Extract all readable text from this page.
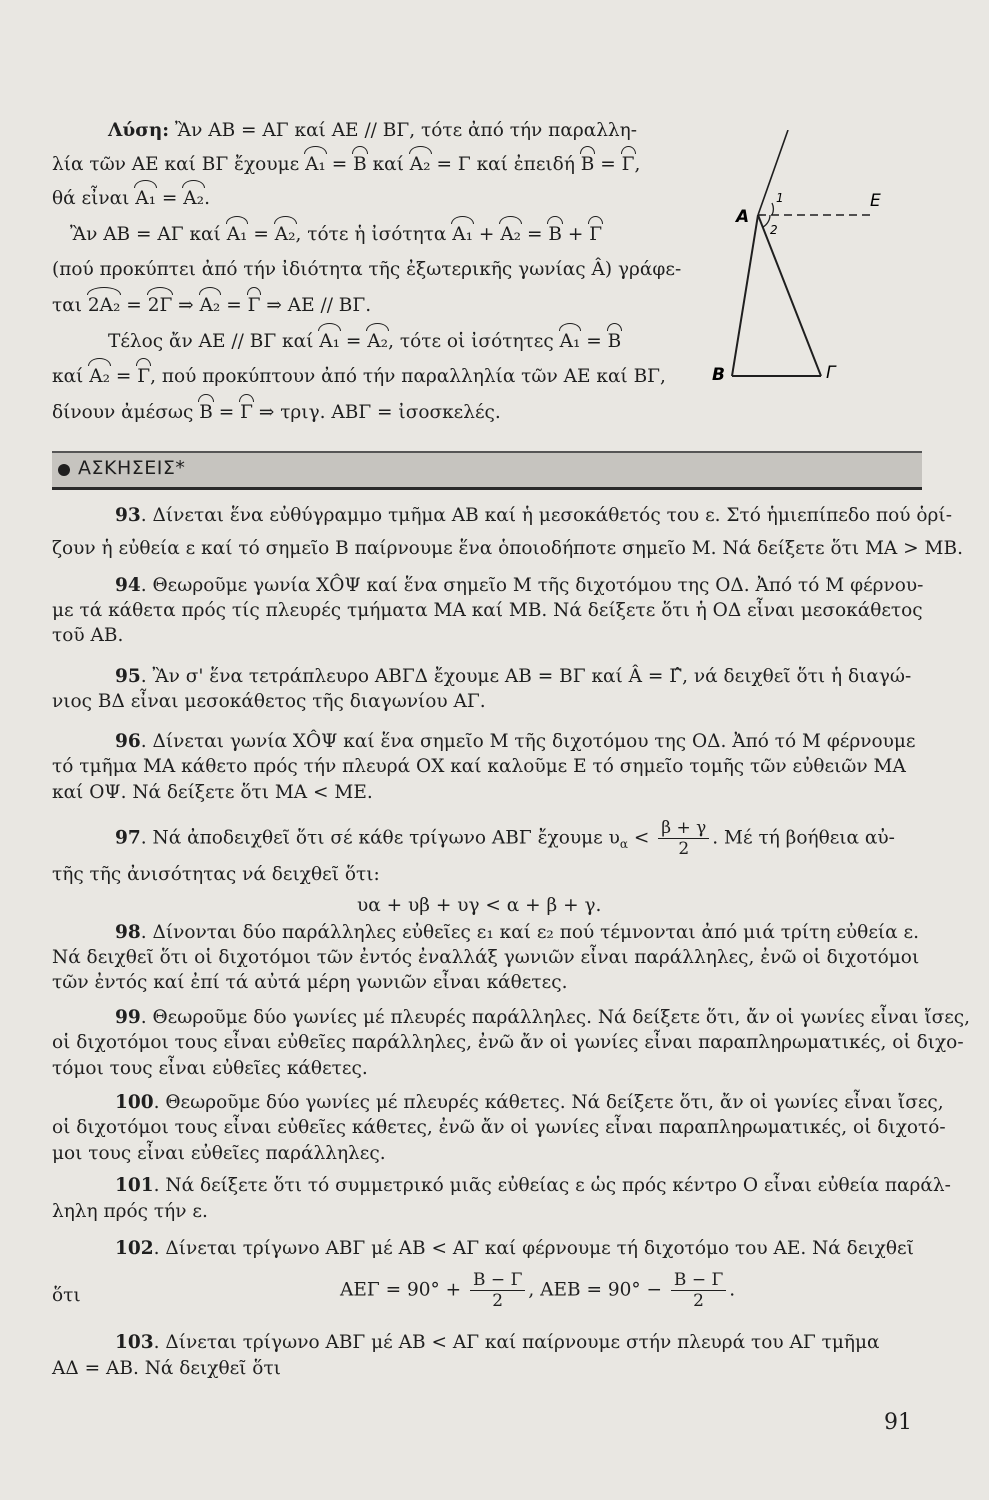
Λύση: Ἂν ΑΒ = ΑΓ καί ΑΕ // ΒΓ, τότε ἀπό τήν παραλλη-
λία τῶν ΑΕ καί ΒΓ ἔχουμε Α₁ = Β καί Α₂ = Γ καί ἐπειδή Β = Γ,
θά εἶναι Α₁ = Α₂.
Ἂν ΑΒ = ΑΓ καί Α₁ = Α₂, τότε ἡ ἰσότητα Α₁ + Α₂ = Β + Γ
(πού προκύπτει ἀπό τήν ἰδιότητα τῆς ἐξωτερικῆς γωνίας Â) γράφε-
ται 2Α₂ = 2Γ ⇒ Α₂ = Γ ⇒ ΑΕ // ΒΓ.
Τέλος ἄν ΑΕ // ΒΓ καί Α₁ = Α₂, τότε οἱ ἰσότητες Α₁ = Β
καί Α₂ = Γ, πού προκύπτουν ἀπό τήν παραλληλία τῶν ΑΕ καί ΒΓ,
δίνουν ἀμέσως Β = Γ ⇒ τριγ. ΑΒΓ = ἰσοσκελές.
A
E
1
2
B	Γ
ΑΣΚΗΣΕΙΣ*
93. Δίνεται ἕνα εὐθύγραμμο τμῆμα ΑΒ καί ἡ μεσοκάθετός του ε. Στό ἡμιεπίπεδο πού ὁρί-
ζουν ἡ εὐθεία ε καί τό σημεῖο Β παίρνουμε ἕνα ὁποιοδήποτε σημεῖο Μ. Νά δείξετε ὅτι ΜΑ > ΜΒ.
94. Θεωροῦμε γωνία ΧÔΨ καί ἕνα σημεῖο Μ τῆς διχοτόμου της ΟΔ. Ἀπό τό Μ φέρνου-
με τά κάθετα πρός τίς πλευρές τμήματα ΜΑ καί ΜΒ. Νά δείξετε ὅτι ἡ ΟΔ εἶναι μεσοκάθετος
τοῦ ΑΒ.
95. Ἂν σ' ἕνα τετράπλευρο ΑΒΓΔ ἔχουμε ΑΒ = ΒΓ καί Â = Γ̂, νά δειχθεῖ ὅτι ἡ διαγώ-
νιος ΒΔ εἶναι μεσοκάθετος τῆς διαγωνίου ΑΓ.
96. Δίνεται γωνία ΧÔΨ καί ἕνα σημεῖο Μ τῆς διχοτόμου της ΟΔ. Ἀπό τό Μ φέρνουμε
τό τμῆμα ΜΑ κάθετο πρός τήν πλευρά ΟΧ καί καλοῦμε Ε τό σημεῖο τομῆς τῶν εὐθειῶν ΜΑ
καί ΟΨ. Νά δείξετε ὅτι ΜΑ < ΜΕ.
97. Νά ἀποδειχθεῖ ὅτι σέ κάθε τρίγωνο ΑΒΓ ἔχουμε $\upsilon_\alpha < \frac{\beta + \gamma}{2}$ . Μέ τή βοήθεια αὐ-
τῆς τῆς ἀνισότητας νά δειχθεῖ ὅτι:
υα + υβ + υγ < α + β + γ.
98. Δίνονται δύο παράλληλες εὐθεῖες ε₁ καί ε₂ πού τέμνονται ἀπό μιά τρίτη εὐθεία ε.
Νά δειχθεῖ ὅτι οἱ διχοτόμοι τῶν ἐντός ἐναλλάξ γωνιῶν εἶναι παράλληλες, ἐνῶ οἱ διχοτόμοι
τῶν ἐντός καί ἐπί τά αὐτά μέρη γωνιῶν εἶναι κάθετες.
99. Θεωροῦμε δύο γωνίες μέ πλευρές παράλληλες. Νά δείξετε ὅτι, ἄν οἱ γωνίες εἶναι ἴσες,
οἱ διχοτόμοι τους εἶναι εὐθεῖες παράλληλες, ἐνῶ ἄν οἱ γωνίες εἶναι παραπληρωματικές, οἱ διχο-
τόμοι τους εἶναι εὐθεῖες κάθετες.
100. Θεωροῦμε δύο γωνίες μέ πλευρές κάθετες. Νά δείξετε ὅτι, ἄν οἱ γωνίες εἶναι ἴσες,
οἱ διχοτόμοι τους εἶναι εὐθεῖες κάθετες, ἐνῶ ἄν οἱ γωνίες εἶναι παραπληρωματικές, οἱ διχοτό-
μοι τους εἶναι εὐθεῖες παράλληλες.
101. Νά δείξετε ὅτι τό συμμετρικό μιᾶς εὐθείας ε ὡς πρός κέντρο Ο εἶναι εὐθεία παράλ-
ληλη πρός τήν ε.
102. Δίνεται τρίγωνο ΑΒΓ μέ ΑΒ < ΑΓ καί φέρνουμε τή διχοτόμο του ΑΕ. Νά δειχθεῖ
ὅτι	$AE\Gamma = 90^\circ + \frac{B - \Gamma}{2}$ , $AEB = 90^\circ - \frac{B - \Gamma}{2}$ .
103. Δίνεται τρίγωνο ΑΒΓ μέ ΑΒ < ΑΓ καί παίρνουμε στήν πλευρά του ΑΓ τμῆμα
ΑΔ = ΑΒ. Νά δειχθεῖ ὅτι
91
